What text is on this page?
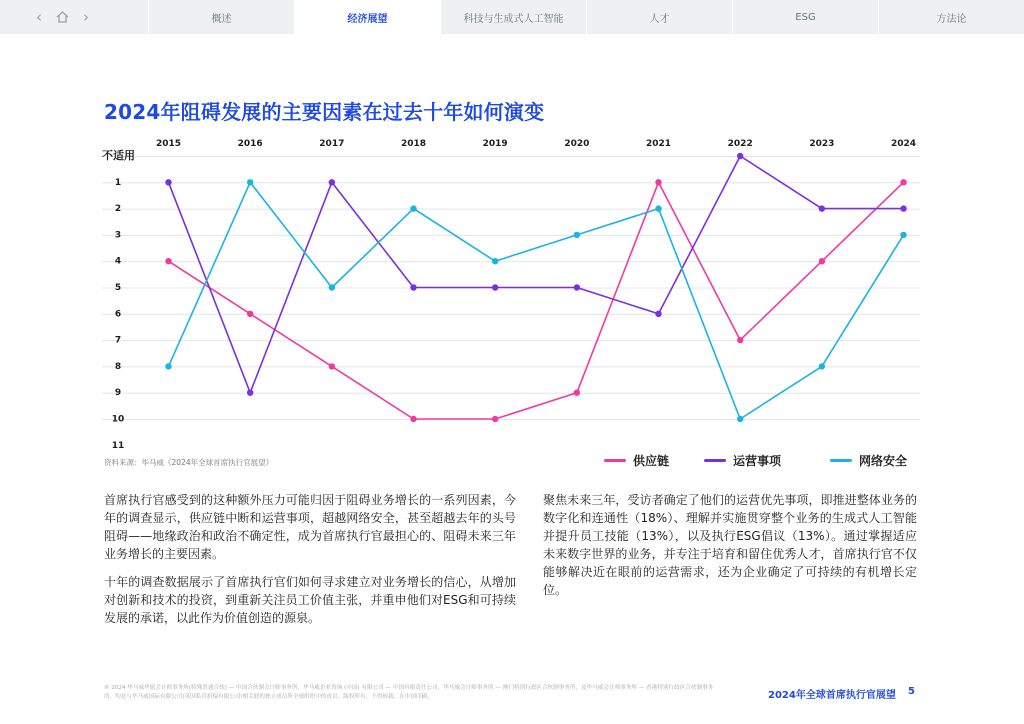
‹	›	概述	经济展望	科技与生成式人工智能	人才	ESG	方法论
2024年阻碍发展的主要因素在过去十年如何演变
不适用
1
2
3
4
5
6
7
8
9
10
11
2015	2016	2017	2018	2019	2020	2021	2022	2023	2024
资料来源：毕马威《2024年全球首席执行官展望》	供应链	运营事项	网络安全

首席执行官感受到的这种额外压力可能归因于阻碍业务增长的一系列因素，今年的调查显示，供应链中断和运营事项，超越网络安全，甚至超越去年的头号阻碍——地缘政治和政治不确定性，成为首席执行官最担心的、阻碍未来三年业务增长的主要因素。

十年的调查数据展示了首席执行官们如何寻求建立对业务增长的信心，从增加对创新和技术的投资，到重新关注员工价值主张，并重申他们对ESG和可持续发展的承诺，以此作为价值创造的源泉。

聚焦未来三年，受访者确定了他们的运营优先事项，即推进整体业务的数字化和连通性（18%）、理解并实施贯穿整个业务的生成式人工智能并提升员工技能（13%），以及执行ESG倡议（13%）。通过掌握适应未来数字世界的业务，并专注于培育和留住优秀人才，首席执行官不仅能够解决近在眼前的运营需求，还为企业确定了可持续的有机增长定位。

© 2024 毕马威华振会计师事务所(特殊普通合伙) — 中国合伙制会计师事务所，毕马威企业咨询 (中国) 有限公司 — 中国有限责任公司，毕马威会计师事务所 — 澳门特别行政区合伙制事务所，及毕马威会计师事务所 — 香港特别行政区合伙制事务所，均是与毕马威国际有限公司(英国私营担保有限公司)相关联的独立成员所全球组织中的成员。版权所有，不得转载。在中国印刷。	2024年全球首席执行官展望 5
